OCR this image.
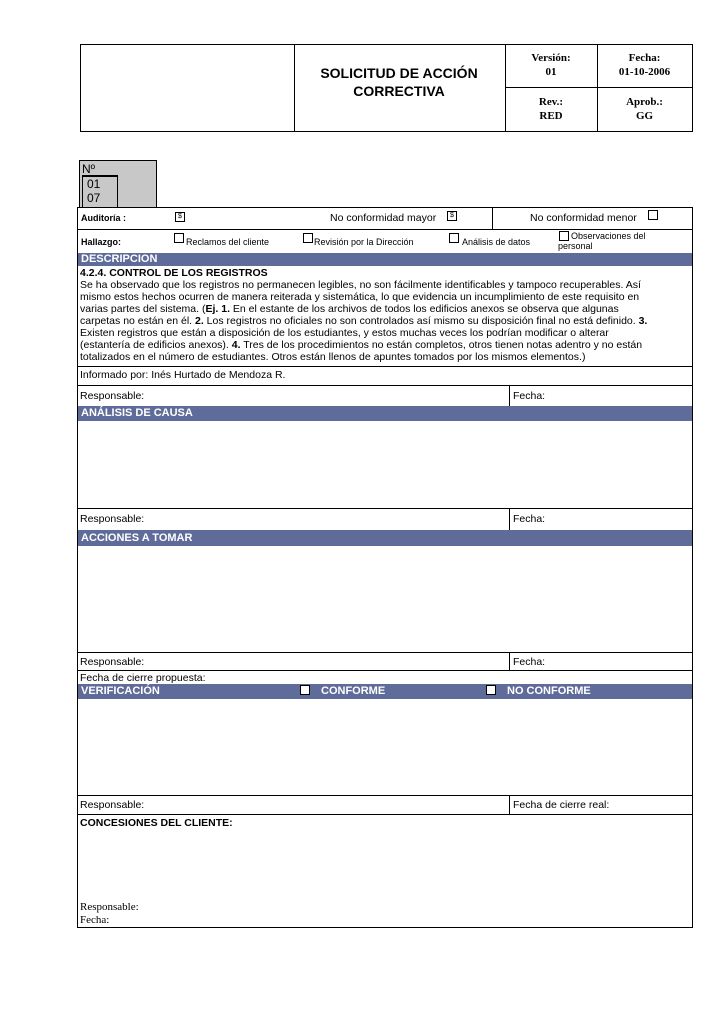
SOLICITUD DE ACCIÓN
CORRECTIVA
Versión:
01
Fecha:
01-10-2006
Rev.:
RED
Aprob.:
GG
Nº
01
07
Auditoría :	$	No conformidad mayor	$	No conformidad menor
Hallazgo:	Reclamos del cliente	Revisión por la Dirección	Análisis de datos
Observaciones del
personal
DESCRIPCION
4.2.4. CONTROL DE LOS REGISTROS
Se ha observado que los registros no permanecen legibles, no son fácilmente identificables y tampoco recuperables. Así
mismo estos hechos ocurren de manera reiterada y sistemática, lo que evidencia un incumplimiento de este requisito en
varias partes del sistema. (Ej. 1. En el estante de los archivos de todos los edificios anexos se observa que algunas
carpetas no están en él. 2. Los registros no oficiales no son controlados así mismo su disposición final no está definido. 3.
Existen registros que están a disposición de los estudiantes, y estos muchas veces los podrían modificar o alterar
(estantería de edificios anexos). 4. Tres de los procedimientos no están completos, otros tienen notas adentro y no están
totalizados en el número de estudiantes. Otros están llenos de apuntes tomados por los mismos elementos.)
Informado por: Inés Hurtado de Mendoza R.
Responsable:	Fecha:
ANÁLISIS DE CAUSA
Responsable:	Fecha:
ACCIONES A TOMAR
Responsable:	Fecha:
Fecha de cierre propuesta:
VERIFICACIÓN	CONFORME	NO CONFORME
Responsable:	Fecha de cierre real:
CONCESIONES DEL CLIENTE:
Responsable:
Fecha:
